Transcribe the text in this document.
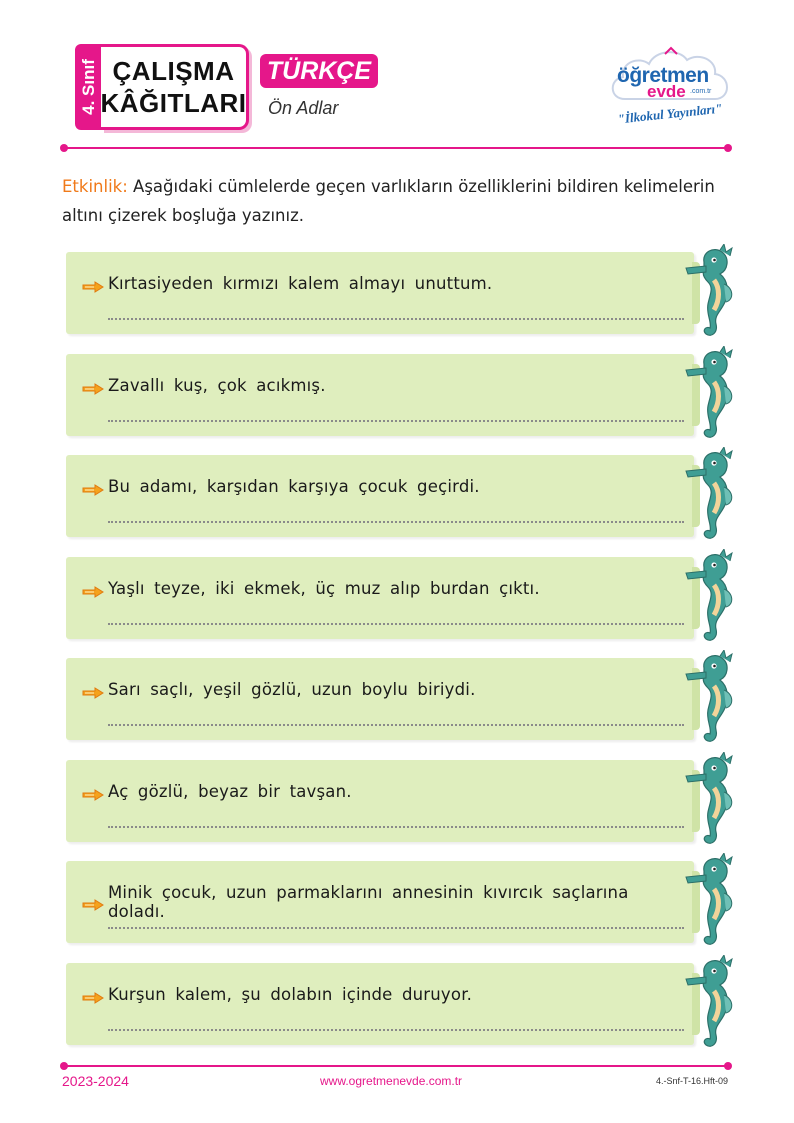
4. Sınıf ÇALIŞMA
KÂĞITLARI
TÜRKÇE
Ön Adlar
öğretmen
evde .com.tr
"İlkokul Yayınları"
Etkinlik: Aşağıdaki cümlelerde geçen varlıkların özelliklerini bildiren kelimelerin altını çizerek boşluğa yazınız.
Kırtasiyeden kırmızı kalem almayı unuttum.
Zavallı kuş, çok acıkmış.
Bu adamı, karşıdan karşıya çocuk geçirdi.
Yaşlı teyze, iki ekmek, üç muz alıp burdan çıktı.
Sarı saçlı, yeşil gözlü, uzun boylu biriydi.
Aç gözlü, beyaz bir tavşan.
Minik çocuk, uzun parmaklarını annesinin kıvırcık saçlarına doladı.
Kurşun kalem, şu dolabın içinde duruyor.
2023-2024	www.ogretmenevde.com.tr	4.-Snf-T-16.Hft-09
